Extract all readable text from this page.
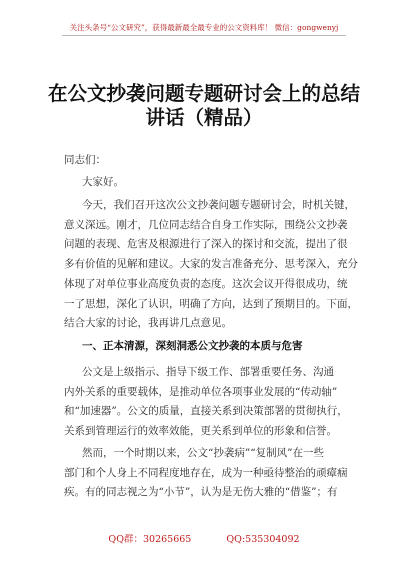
关注头条号“公文研究”，获得最新最全最专业的公文资料库！ 微信：gongwenyj
在公文抄袭问题专题研讨会上的总结
讲话（精品）
同志们：
大家好。
今天，我们召开这次公文抄袭问题专题研讨会，时机关键，
意义深远。刚才，几位同志结合自身工作实际，围绕公文抄袭
问题的表现、危害及根源进行了深入的探讨和交流，提出了很
多有价值的见解和建议。大家的发言准备充分、思考深入，充分
体现了对单位事业高度负责的态度。这次会议开得很成功，统
一了思想，深化了认识，明确了方向，达到了预期目的。下面，
结合大家的讨论，我再讲几点意见。
一、正本清源，深刻洞悉公文抄袭的本质与危害
公文是上级指示、指导下级工作、部署重要任务、沟通
内外关系的重要载体，是推动单位各项事业发展的“传动轴”
和“加速器”。公文的质量，直接关系到决策部署的贯彻执行，
关系到管理运行的效率效能，更关系到单位的形象和信誉。
然而，一个时期以来，公文“抄袭病”“复制风”在一些
部门和个人身上不同程度地存在，成为一种亟待整治的顽瘴痼
疾。有的同志视之为“小节”，认为是无伤大雅的“借鉴”；有
QQ群：30265665	QQ:535304092
